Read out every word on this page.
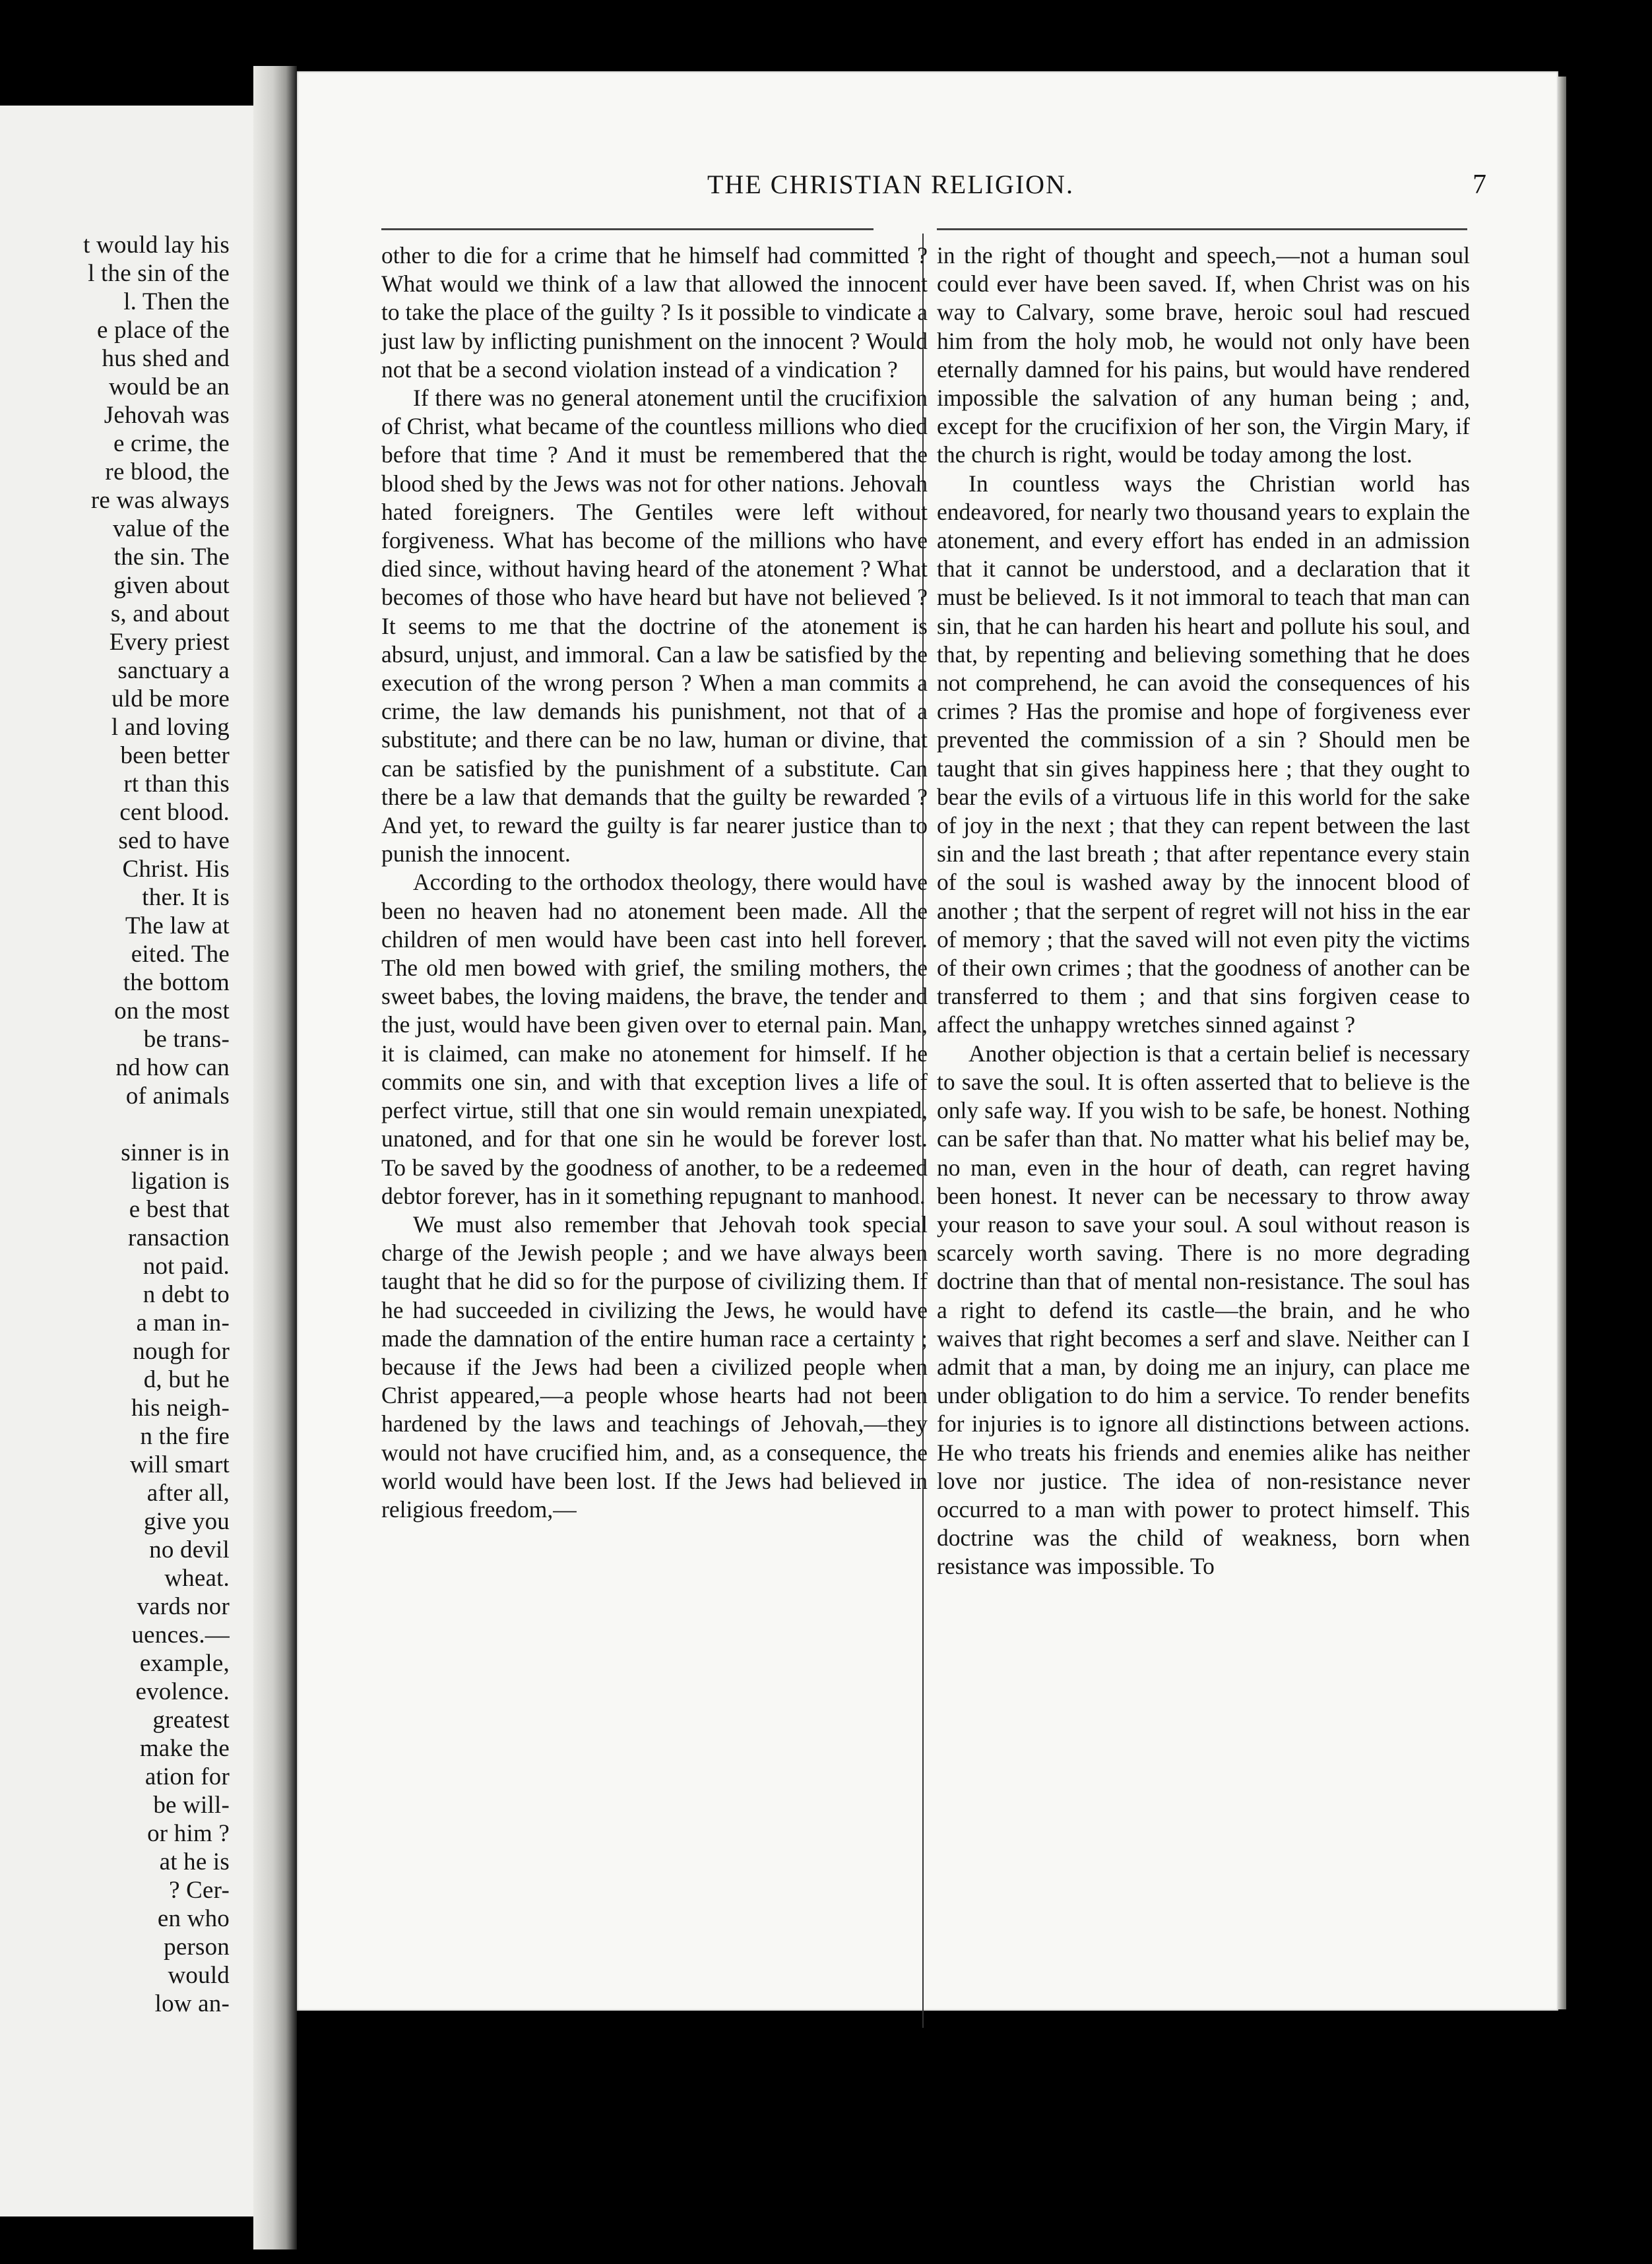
t would lay his
l the sin of the
l. Then the
e place of the
hus shed and
would be an
Jehovah was
e crime, the
re blood, the
re was always
value of the
the sin. The
given about
s, and about
Every priest
sanctuary a
uld be more
l and loving
been better
rt than this
cent blood.
sed to have
Christ. His
ther. It is
The law at
eited. The
the bottom
on the most
be trans-
nd how can
of animals
sinner is in
ligation is
e best that
ransaction
not paid.
n debt to
a man in-
nough for
d, but he
his neigh-
n the fire
will smart
after all,
give you
no devil
wheat.
vards nor
uences.—
example,
evolence.
greatest
make the
ation for
be will-
or him ?
at he is
? Cer-
en who
person
would
low an-
THE CHRISTIAN RELIGION.	7

other to die for a crime that he himself had committed ? What would we think of a law that allowed the innocent to take the place of the guilty ? Is it possible to vindicate a just law by inflicting punishment on the innocent ? Would not that be a second violation instead of a vindication ?

If there was no general atonement until the crucifixion of Christ, what became of the countless millions who died before that time ? And it must be remembered that the blood shed by the Jews was not for other nations. Jehovah hated foreigners. The Gentiles were left without forgiveness. What has become of the millions who have died since, without having heard of the atonement ? What becomes of those who have heard but have not believed ? It seems to me that the doctrine of the atonement is absurd, unjust, and immoral. Can a law be satisfied by the execution of the wrong person ? When a man commits a crime, the law demands his punishment, not that of a substitute; and there can be no law, human or divine, that can be satisfied by the punishment of a substitute. Can there be a law that demands that the guilty be rewarded ? And yet, to reward the guilty is far nearer justice than to punish the innocent.

According to the orthodox theology, there would have been no heaven had no atonement been made. All the children of men would have been cast into hell forever. The old men bowed with grief, the smiling mothers, the sweet babes, the loving maidens, the brave, the tender and the just, would have been given over to eternal pain. Man, it is claimed, can make no atonement for himself. If he commits one sin, and with that exception lives a life of perfect virtue, still that one sin would remain unexpiated, unatoned, and for that one sin he would be forever lost. To be saved by the goodness of another, to be a redeemed debtor forever, has in it something repugnant to manhood.

We must also remember that Jehovah took special charge of the Jewish people ; and we have always been taught that he did so for the purpose of civilizing them. If he had succeeded in civilizing the Jews, he would have made the damnation of the entire human race a certainty ; because if the Jews had been a civilized people when Christ appeared,—a people whose hearts had not been hardened by the laws and teachings of Jehovah,—they would not have crucified him, and, as a consequence, the world would have been lost. If the Jews had believed in religious freedom,—

in the right of thought and speech,—not a human soul could ever have been saved. If, when Christ was on his way to Calvary, some brave, heroic soul had rescued him from the holy mob, he would not only have been eternally damned for his pains, but would have rendered impossible the salvation of any human being ; and, except for the crucifixion of her son, the Virgin Mary, if the church is right, would be today among the lost.

In countless ways the Christian world has endeavored, for nearly two thousand years to explain the atonement, and every effort has ended in an admission that it cannot be understood, and a declaration that it must be believed. Is it not immoral to teach that man can sin, that he can harden his heart and pollute his soul, and that, by repenting and believing something that he does not comprehend, he can avoid the consequences of his crimes ? Has the promise and hope of forgiveness ever prevented the commission of a sin ? Should men be taught that sin gives happiness here ; that they ought to bear the evils of a virtuous life in this world for the sake of joy in the next ; that they can repent between the last sin and the last breath ; that after repentance every stain of the soul is washed away by the innocent blood of another ; that the serpent of regret will not hiss in the ear of memory ; that the saved will not even pity the victims of their own crimes ; that the goodness of another can be transferred to them ; and that sins forgiven cease to affect the unhappy wretches sinned against ?

Another objection is that a certain belief is necessary to save the soul. It is often asserted that to believe is the only safe way. If you wish to be safe, be honest. Nothing can be safer than that. No matter what his belief may be, no man, even in the hour of death, can regret having been honest. It never can be necessary to throw away your reason to save your soul. A soul without reason is scarcely worth saving. There is no more degrading doctrine than that of mental non-resistance. The soul has a right to defend its castle—the brain, and he who waives that right becomes a serf and slave. Neither can I admit that a man, by doing me an injury, can place me under obligation to do him a service. To render benefits for injuries is to ignore all distinctions between actions. He who treats his friends and enemies alike has neither love nor justice. The idea of non-resistance never occurred to a man with power to protect himself. This doctrine was the child of weakness, born when resistance was impossible. To
